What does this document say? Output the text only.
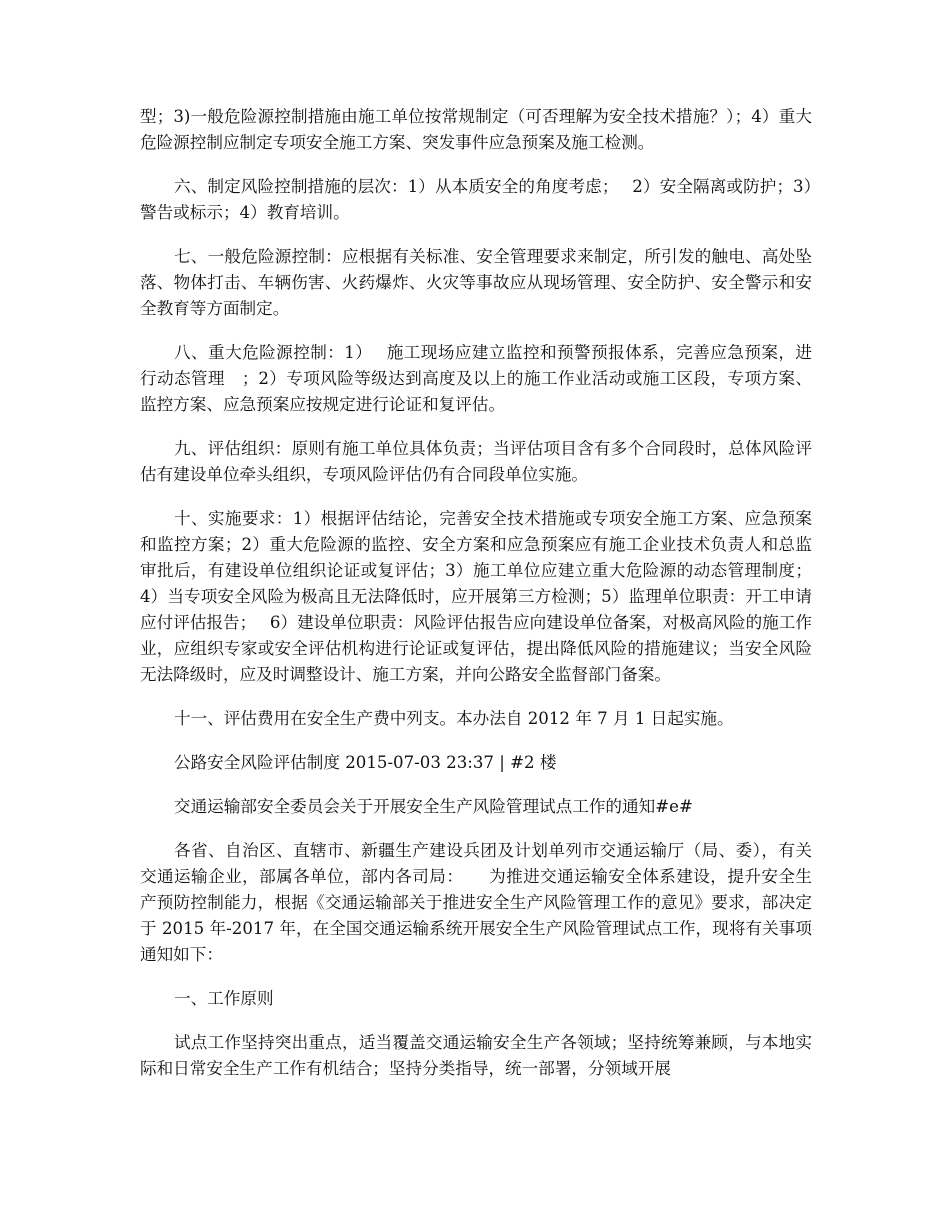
型；3)一般危险源控制措施由施工单位按常规制定（可否理解为安全技术措施？）；4）重大危险源控制应制定专项安全施工方案、突发事件应急预案及施工检测。

六、制定风险控制措施的层次：1）从本质安全的角度考虑；　 2）安全隔离或防护；3）警告或标示；4）教育培训。

七、一般危险源控制：应根据有关标准、安全管理要求来制定，所引发的触电、高处坠落、物体打击、车辆伤害、火药爆炸、火灾等事故应从现场管理、安全防护、安全警示和安全教育等方面制定。

八、重大危险源控制：1）　 施工现场应建立监控和预警预报体系，完善应急预案，进行动态管理　；2）专项风险等级达到高度及以上的施工作业活动或施工区段，专项方案、监控方案、应急预案应按规定进行论证和复评估。

九、评估组织：原则有施工单位具体负责；当评估项目含有多个合同段时，总体风险评估有建设单位牵头组织，专项风险评估仍有合同段单位实施。

十、实施要求：1）根据评估结论，完善安全技术措施或专项安全施工方案、应急预案和监控方案；2）重大危险源的监控、安全方案和应急预案应有施工企业技术负责人和总监审批后，有建设单位组织论证或复评估；3）施工单位应建立重大危险源的动态管理制度；4）当专项安全风险为极高且无法降低时，应开展第三方检测；5）监理单位职责：开工申请应付评估报告；　 6）建设单位职责：风险评估报告应向建设单位备案，对极高风险的施工作业，应组织专家或安全评估机构进行论证或复评估，提出降低风险的措施建议；当安全风险无法降级时，应及时调整设计、施工方案，并向公路安全监督部门备案。

十一、评估费用在安全生产费中列支。本办法自 2012 年 7 月 1 日起实施。

公路安全风险评估制度 2015-07-03 23:37 | #2 楼

交通运输部安全委员会关于开展安全生产风险管理试点工作的通知#e#

各省、自治区、直辖市、新疆生产建设兵团及计划单列市交通运输厅（局、委），有关交通运输企业，部属各单位，部内各司局：　　为推进交通运输安全体系建设，提升安全生产预防控制能力，根据《交通运输部关于推进安全生产风险管理工作的意见》要求，部决定于 2015 年-2017 年，在全国交通运输系统开展安全生产风险管理试点工作，现将有关事项通知如下：

一、工作原则

试点工作坚持突出重点，适当覆盖交通运输安全生产各领域；坚持统筹兼顾，与本地实际和日常安全生产工作有机结合；坚持分类指导，统一部署，分领域开展
